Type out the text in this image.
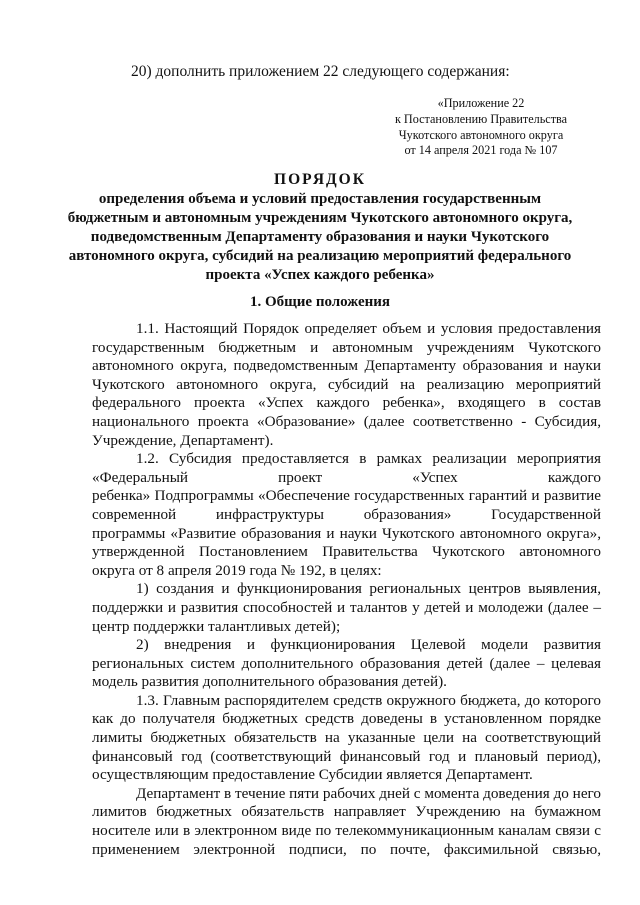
20) дополнить приложением 22 следующего содержания:
«Приложение 22
к Постановлению Правительства
Чукотского автономного округа
от 14 апреля 2021 года № 107
ПОРЯДОК
определения объема и условий предоставления государственным
бюджетным и автономным учреждениям Чукотского автономного округа,
подведомственным Департаменту образования и науки Чукотского
автономного округа, субсидий на реализацию мероприятий федерального
проекта «Успех каждого ребенка»
1. Общие положения
1.1. Настоящий Порядок определяет объем и условия предоставления
государственным бюджетным и автономным учреждениям Чукотского
автономного округа, подведомственным Департаменту образования и науки
Чукотского автономного округа, субсидий на реализацию мероприятий
федерального проекта «Успех каждого ребенка», входящего в состав
национального проекта «Образование» (далее соответственно - Субсидия,
Учреждение, Департамент).
1.2. Субсидия предоставляется в рамках реализации мероприятия
«Федеральный проект «Успех каждого
ребенка» Подпрограммы «Обеспечение государственных гарантий и развитие
современной инфраструктуры образования» Государственной
программы «Развитие образования и науки Чукотского автономного округа»,
утвержденной Постановлением Правительства Чукотского автономного
округа от 8 апреля 2019 года № 192, в целях:
1) создания и функционирования региональных центров выявления,
поддержки и развития способностей и талантов у детей и молодежи (далее –
центр поддержки талантливых детей);
2) внедрения и функционирования Целевой модели развития
региональных систем дополнительного образования детей (далее – целевая
модель развития дополнительного образования детей).
1.3. Главным распорядителем средств окружного бюджета, до которого
как до получателя бюджетных средств доведены в установленном порядке
лимиты бюджетных обязательств на указанные цели на соответствующий
финансовый год (соответствующий финансовый год и плановый период),
осуществляющим предоставление Субсидии является Департамент.
Департамент в течение пяти рабочих дней с момента доведения до него
лимитов бюджетных обязательств направляет Учреждению на бумажном
носителе или в электронном виде по телекоммуникационным каналам связи с
применением электронной подписи, по почте, факсимильной связью,
